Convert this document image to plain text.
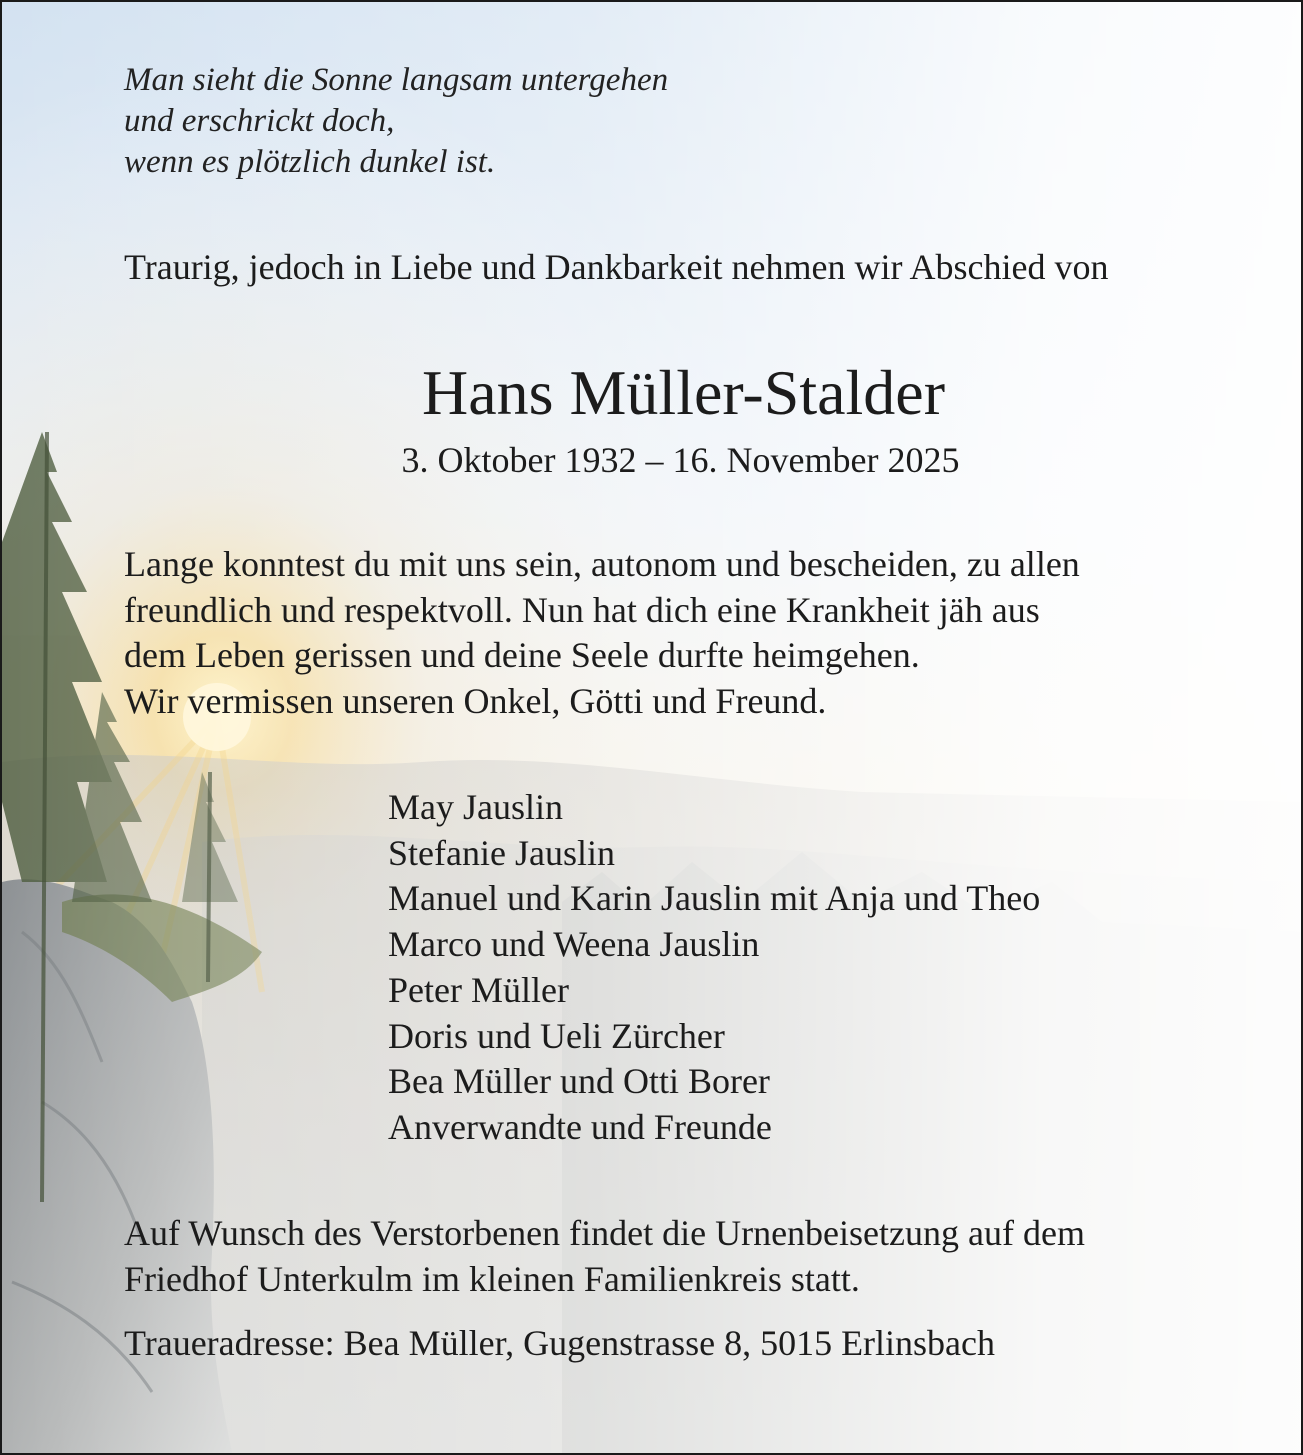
Man sieht die Sonne langsam untergehen
und erschrickt doch,
wenn es plötzlich dunkel ist.
Traurig, jedoch in Liebe und Dankbarkeit nehmen wir Abschied von
Hans Müller-Stalder
3. Oktober 1932 – 16. November 2025
Lange konntest du mit uns sein, autonom und bescheiden, zu allen
freundlich und respektvoll. Nun hat dich eine Krankheit jäh aus
dem Leben gerissen und deine Seele durfte heimgehen.
Wir vermissen unseren Onkel, Götti und Freund.
May Jauslin
Stefanie Jauslin
Manuel und Karin Jauslin mit Anja und Theo
Marco und Weena Jauslin
Peter Müller
Doris und Ueli Zürcher
Bea Müller und Otti Borer
Anverwandte und Freunde
Auf Wunsch des Verstorbenen findet die Urnenbeisetzung auf dem
Friedhof Unterkulm im kleinen Familienkreis statt.
Traueradresse: Bea Müller, Gugenstrasse 8, 5015 Erlinsbach
